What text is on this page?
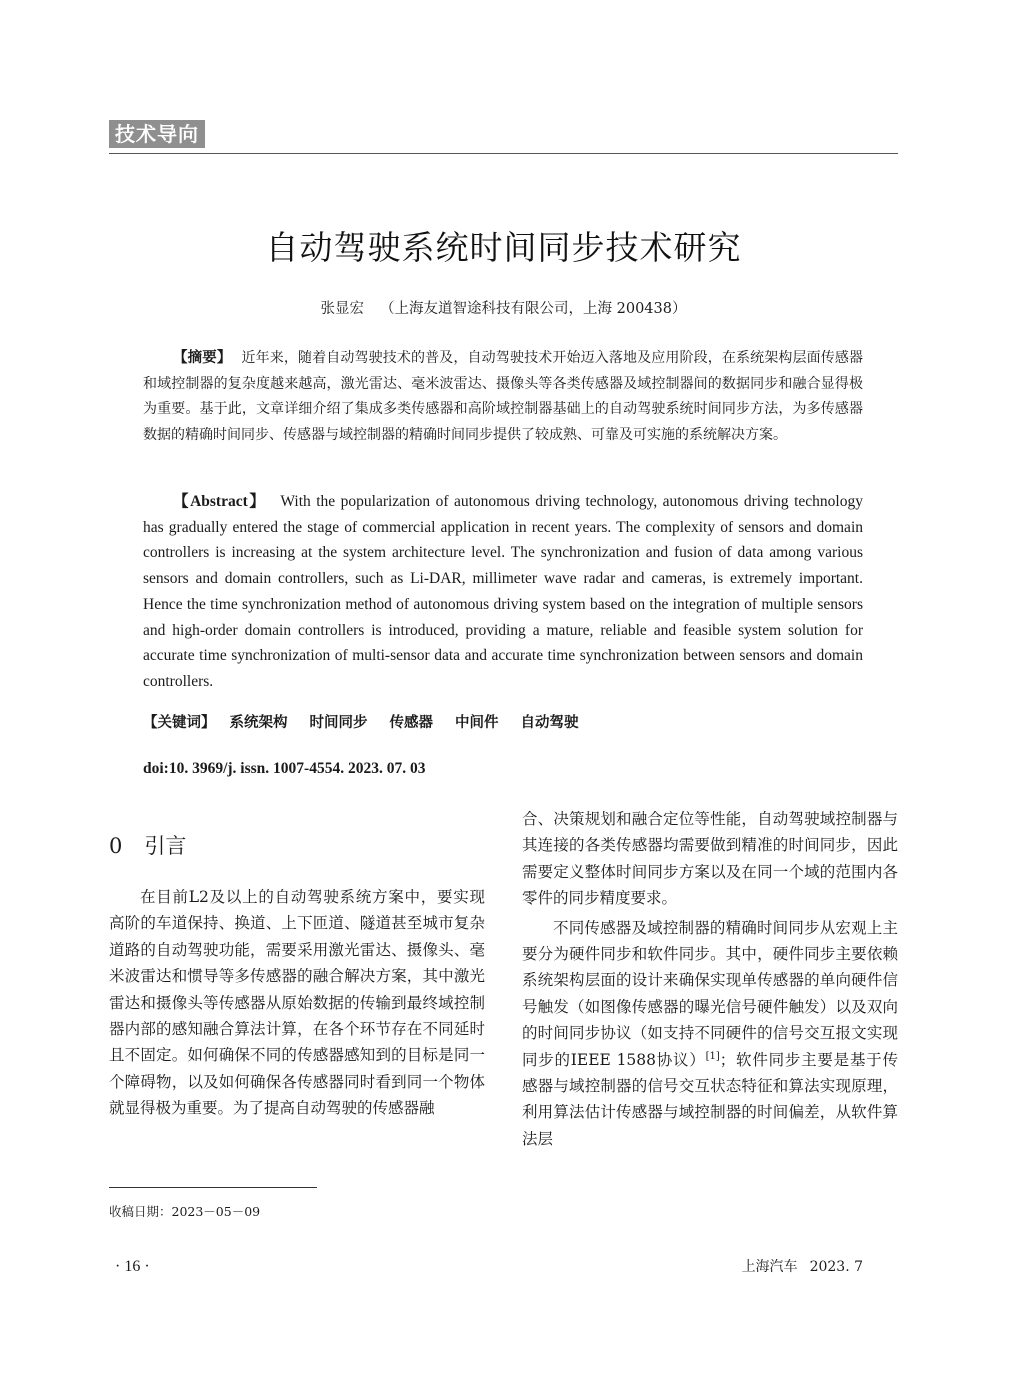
技术导向
自动驾驶系统时间同步技术研究
张显宏 （上海友道智途科技有限公司，上海 200438）
【摘要】 近年来，随着自动驾驶技术的普及，自动驾驶技术开始迈入落地及应用阶段，在系统架构层面传感器和域控制器的复杂度越来越高，激光雷达、毫米波雷达、摄像头等各类传感器及域控制器间的数据同步和融合显得极为重要。基于此，文章详细介绍了集成多类传感器和高阶域控制器基础上的自动驾驶系统时间同步方法，为多传感器数据的精确时间同步、传感器与域控制器的精确时间同步提供了较成熟、可靠及可实施的系统解决方案。
【Abstract】 With the popularization of autonomous driving technology, autonomous driving technology has gradually entered the stage of commercial application in recent years. The complexity of sensors and domain controllers is increasing at the system architecture level. The synchronization and fusion of data among various sensors and domain controllers, such as Li-DAR, millimeter wave radar and cameras, is extremely important. Hence the time synchronization method of autonomous driving system based on the integration of multiple sensors and high-order domain controllers is introduced, providing a mature, reliable and feasible system solution for accurate time synchronization of multi-sensor data and accurate time synchronization between sensors and domain controllers.
【关键词】 系统架构 时间同步 传感器 中间件 自动驾驶
doi:10. 3969/j. issn. 1007-4554. 2023. 07. 03
0 引言

在目前L2及以上的自动驾驶系统方案中，要实现高阶的车道保持、换道、上下匝道、隧道甚至城市复杂道路的自动驾驶功能，需要采用激光雷达、摄像头、毫米波雷达和惯导等多传感器的融合解决方案，其中激光雷达和摄像头等传感器从原始数据的传输到最终域控制器内部的感知融合算法计算，在各个环节存在不同延时且不固定。如何确保不同的传感器感知到的目标是同一个障碍物，以及如何确保各传感器同时看到同一个物体就显得极为重要。为了提高自动驾驶的传感器融

合、决策规划和融合定位等性能，自动驾驶域控制器与其连接的各类传感器均需要做到精准的时间同步，因此需要定义整体时间同步方案以及在同一个域的范围内各零件的同步精度要求。

不同传感器及域控制器的精确时间同步从宏观上主要分为硬件同步和软件同步。其中，硬件同步主要依赖系统架构层面的设计来确保实现单传感器的单向硬件信号触发（如图像传感器的曝光信号硬件触发）以及双向的时间同步协议（如支持不同硬件的信号交互报文实现同步的IEEE 1588协议）[1]；软件同步主要是基于传感器与域控制器的信号交互状态特征和算法实现原理，利用算法估计传感器与域控制器的时间偏差，从软件算法层

收稿日期：2023－05－09
· 16 ·	上海汽车 2023. 7
